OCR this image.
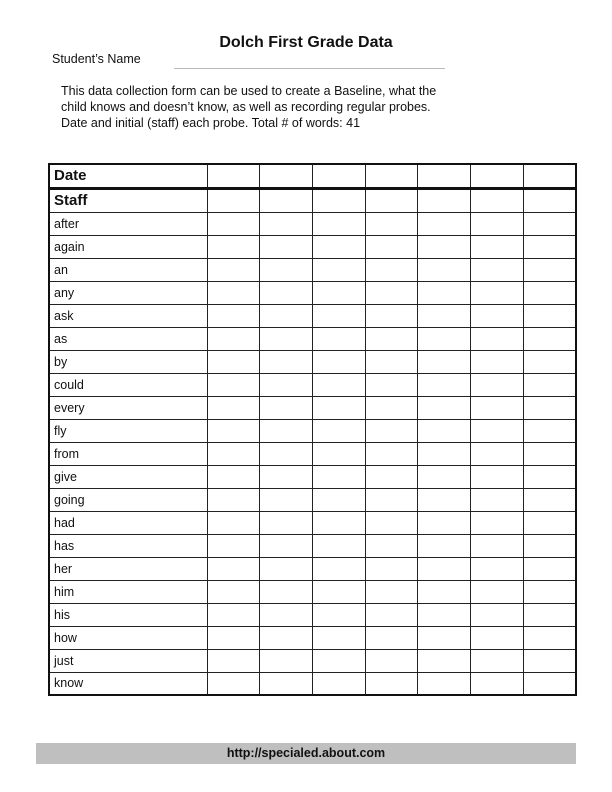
Dolch First Grade Data
Student’s Name
This data collection form can be used to create a Baseline, what the
child knows and doesn’t know, as well as recording regular probes.
Date and initial (staff) each probe. Total # of words: 41
Date							
Staff							
after							
again							
an							
any							
ask							
as							
by							
could							
every							
fly							
from							
give							
going							
had							
has							
her							
him							
his							
how							
just							
know							
http://specialed.about.com
